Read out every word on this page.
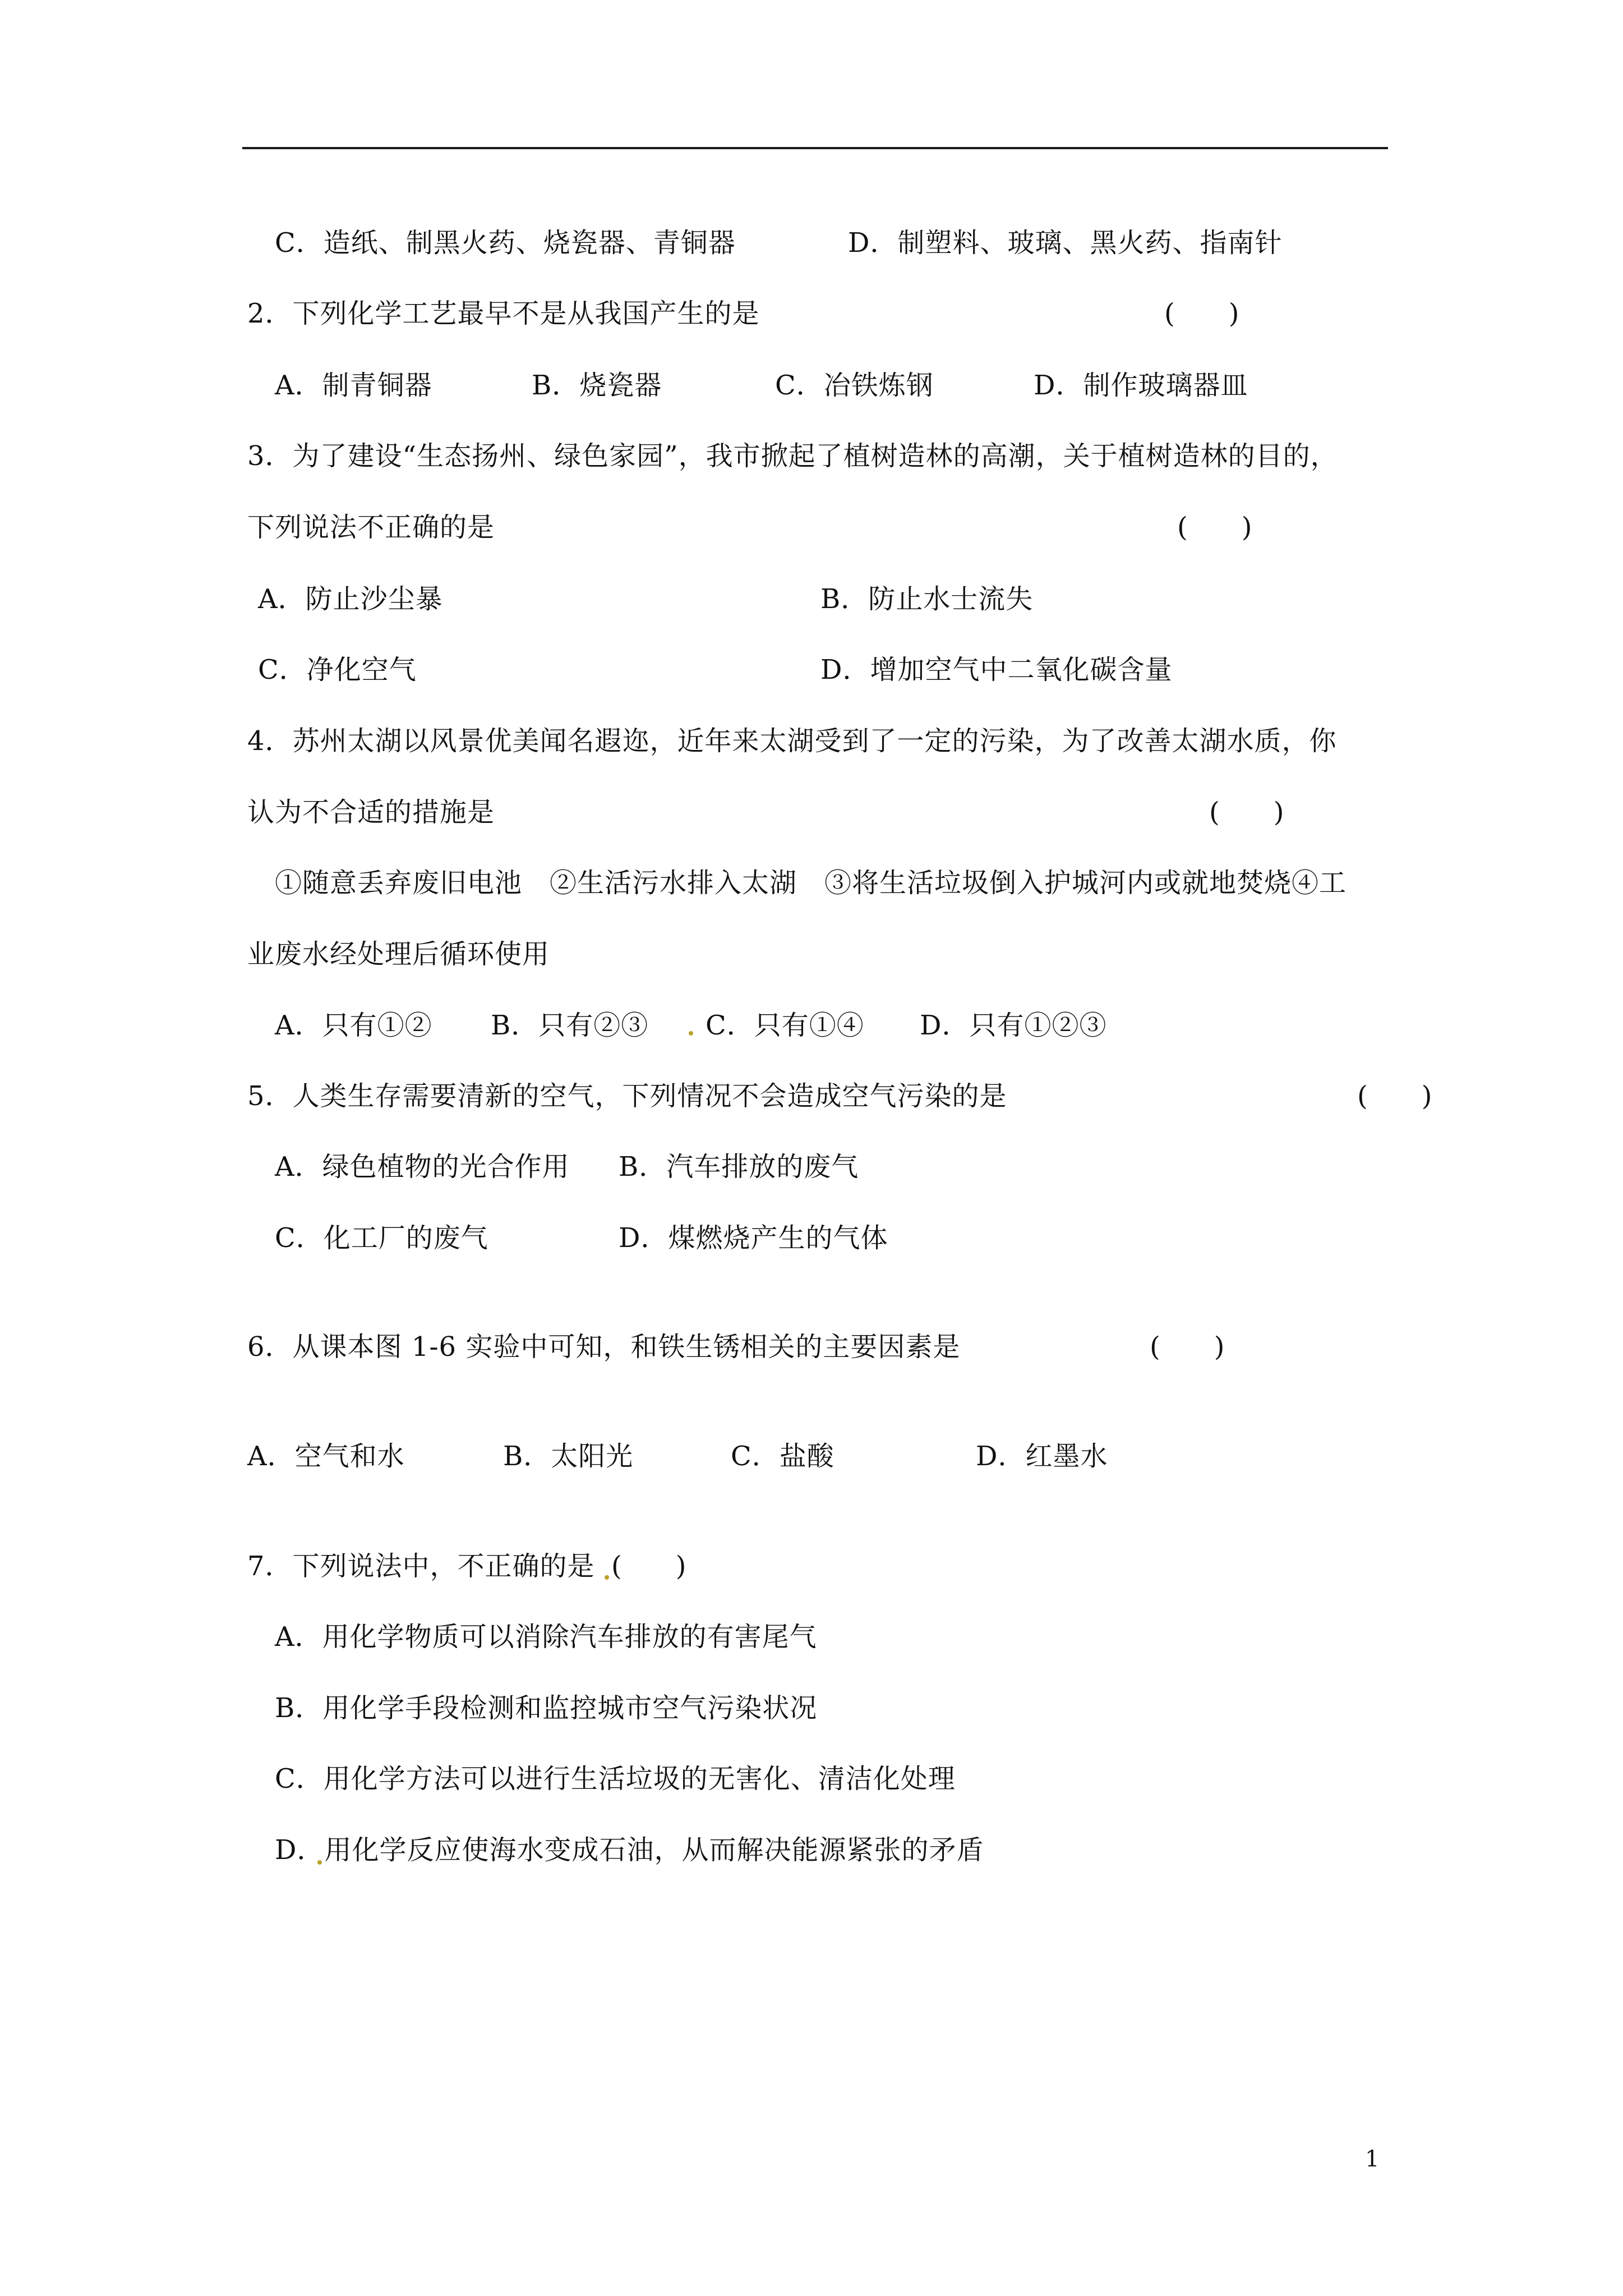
C．造纸、制黑火药、烧瓷器、青铜器	D．制塑料、玻璃、黑火药、指南针
2．下列化学工艺最早不是从我国产生的是	(　　)
A．制青铜器	B．烧瓷器	C．冶铁炼钢	D．制作玻璃器皿
3．为了建设“生态扬州、绿色家园”，我市掀起了植树造林的高潮，关于植树造林的目的，
下列说法不正确的是	(　　)
A．防止沙尘暴	B．防止水士流失
C．净化空气	D．增加空气中二氧化碳含量
4．苏州太湖以风景优美闻名遐迩，近年来太湖受到了一定的污染，为了改善太湖水质，你
认为不合适的措施是	(　　)
①随意丢弃废旧电池　②生活污水排入太湖　③将生活垃圾倒入护城河内或就地焚烧④工
业废水经处理后循环使用
A．只有①② B．只有②③ C．只有①④ D．只有①②③
5．人类生存需要清新的空气，下列情况不会造成空气污染的是	(　　)
A．绿色植物的光合作用 B．汽车排放的废气
C．化工厂的废气	D．煤燃烧产生的气体
6．从课本图 1-6 实验中可知，和铁生锈相关的主要因素是	(　　)
A．空气和水	B．太阳光	C．盐酸	D．红墨水
7．下列说法中，不正确的是 (　　)
A．用化学物质可以消除汽车排放的有害尾气
B．用化学手段检测和监控城市空气污染状况
C．用化学方法可以进行生活垃圾的无害化、清洁化处理
D．用化学反应使海水变成石油，从而解决能源紧张的矛盾
1
